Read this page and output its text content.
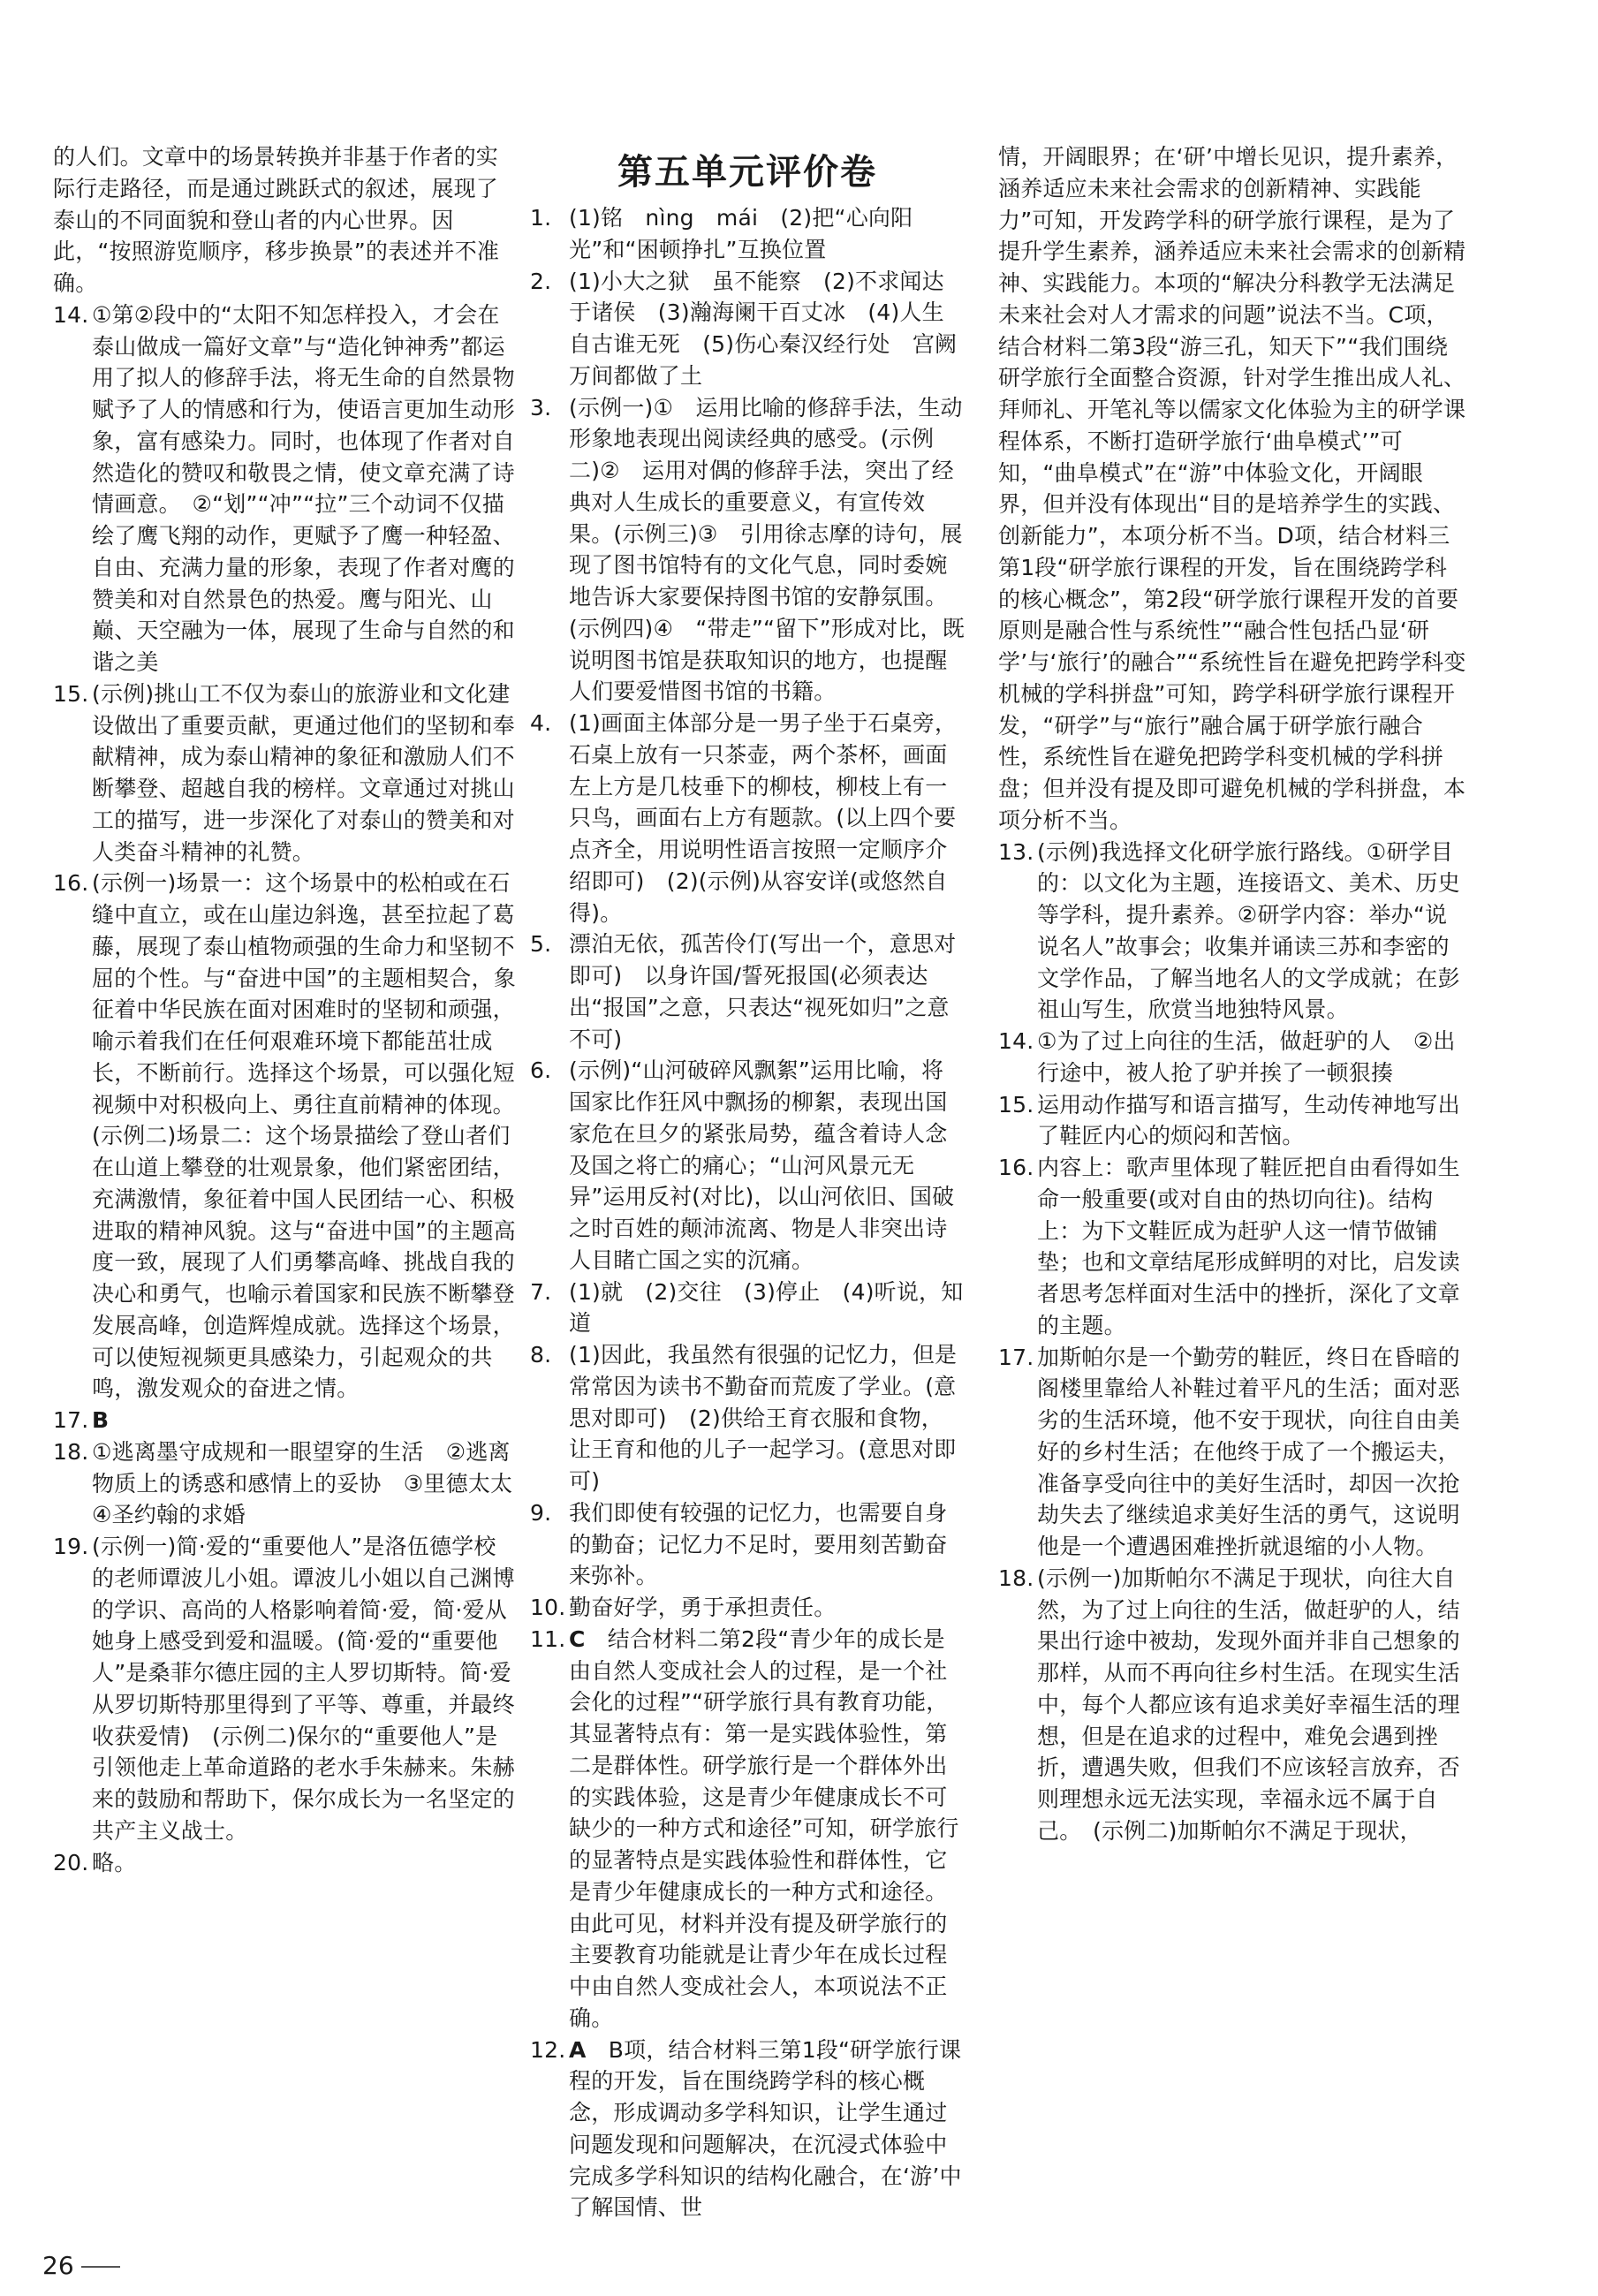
的人们。文章中的场景转换并非基于作者的实际行走路径，而是通过跳跃式的叙述，展现了泰山的不同面貌和登山者的内心世界。因此，“按照游览顺序，移步换景”的表述并不准确。
14. ①第②段中的“太阳不知怎样投入，才会在泰山做成一篇好文章”与“造化钟神秀”都运用了拟人的修辞手法，将无生命的自然景物赋予了人的情感和行为，使语言更加生动形象，富有感染力。同时，也体现了作者对自然造化的赞叹和敬畏之情，使文章充满了诗情画意。　②“划”“冲”“拉”三个动词不仅描绘了鹰飞翔的动作，更赋予了鹰一种轻盈、自由、充满力量的形象，表现了作者对鹰的赞美和对自然景色的热爱。鹰与阳光、山巅、天空融为一体，展现了生命与自然的和谐之美
15. (示例)挑山工不仅为泰山的旅游业和文化建设做出了重要贡献，更通过他们的坚韧和奉献精神，成为泰山精神的象征和激励人们不断攀登、超越自我的榜样。文章通过对挑山工的描写，进一步深化了对泰山的赞美和对人类奋斗精神的礼赞。
16. (示例一)场景一：这个场景中的松柏或在石缝中直立，或在山崖边斜逸，甚至拉起了葛藤，展现了泰山植物顽强的生命力和坚韧不屈的个性。与“奋进中国”的主题相契合，象征着中华民族在面对困难时的坚韧和顽强，喻示着我们在任何艰难环境下都能茁壮成长，不断前行。选择这个场景，可以强化短视频中对积极向上、勇往直前精神的体现。　(示例二)场景二：这个场景描绘了登山者们在山道上攀登的壮观景象，他们紧密团结，充满激情，象征着中国人民团结一心、积极进取的精神风貌。这与“奋进中国”的主题高度一致，展现了人们勇攀高峰、挑战自我的决心和勇气，也喻示着国家和民族不断攀登发展高峰，创造辉煌成就。选择这个场景，可以使短视频更具感染力，引起观众的共鸣，激发观众的奋进之情。
17. B
18. ①逃离墨守成规和一眼望穿的生活　②逃离物质上的诱惑和感情上的妥协　③里德太太　④圣约翰的求婚
19. (示例一)简·爱的“重要他人”是洛伍德学校的老师谭波儿小姐。谭波儿小姐以自己渊博的学识、高尚的人格影响着简·爱，简·爱从她身上感受到爱和温暖。(简·爱的“重要他人”是桑菲尔德庄园的主人罗切斯特。简·爱从罗切斯特那里得到了平等、尊重，并最终收获爱情)　(示例二)保尔的“重要他人”是引领他走上革命道路的老水手朱赫来。朱赫来的鼓励和帮助下，保尔成长为一名坚定的共产主义战士。
20. 略。
第五单元评价卷
1. (1)铭　nìng　mái　(2)把“心向阳光”和“困顿挣扎”互换位置
2. (1)小大之狱　虽不能察　(2)不求闻达于诸侯　(3)瀚海阑干百丈冰　(4)人生自古谁无死　(5)伤心秦汉经行处　宫阙万间都做了土
3. (示例一)①　运用比喻的修辞手法，生动形象地表现出阅读经典的感受。(示例二)②　运用对偶的修辞手法，突出了经典对人生成长的重要意义，有宣传效果。(示例三)③　引用徐志摩的诗句，展现了图书馆特有的文化气息，同时委婉地告诉大家要保持图书馆的安静氛围。(示例四)④　“带走”“留下”形成对比，既说明图书馆是获取知识的地方，也提醒人们要爱惜图书馆的书籍。
4. (1)画面主体部分是一男子坐于石桌旁，石桌上放有一只茶壶，两个茶杯，画面左上方是几枝垂下的柳枝，柳枝上有一只鸟，画面右上方有题款。(以上四个要点齐全，用说明性语言按照一定顺序介绍即可)　(2)(示例)从容安详(或悠然自得)。
5. 漂泊无依，孤苦伶仃(写出一个，意思对即可)　以身许国/誓死报国(必须表达出“报国”之意，只表达“视死如归”之意不可)
6. (示例)“山河破碎风飘絮”运用比喻，将国家比作狂风中飘扬的柳絮，表现出国家危在旦夕的紧张局势，蕴含着诗人念及国之将亡的痛心；“山河风景元无异”运用反衬(对比)，以山河依旧、国破之时百姓的颠沛流离、物是人非突出诗人目睹亡国之实的沉痛。
7. (1)就　(2)交往　(3)停止　(4)听说，知道
8. (1)因此，我虽然有很强的记忆力，但是常常因为读书不勤奋而荒废了学业。(意思对即可)　(2)供给王育衣服和食物，让王育和他的儿子一起学习。(意思对即可)
9. 我们即使有较强的记忆力，也需要自身的勤奋；记忆力不足时，要用刻苦勤奋来弥补。
10. 勤奋好学，勇于承担责任。
11. C　结合材料二第2段“青少年的成长是由自然人变成社会人的过程，是一个社会化的过程”“研学旅行具有教育功能，其显著特点有：第一是实践体验性，第二是群体性。研学旅行是一个群体外出的实践体验，这是青少年健康成长不可缺少的一种方式和途径”可知，研学旅行的显著特点是实践体验性和群体性，它是青少年健康成长的一种方式和途径。由此可见，材料并没有提及研学旅行的主要教育功能就是让青少年在成长过程中由自然人变成社会人，本项说法不正确。
12. A　B项，结合材料三第1段“研学旅行课程的开发，旨在围绕跨学科的核心概念，形成调动多学科知识，让学生通过问题发现和问题解决，在沉浸式体验中完成多学科知识的结构化融合，在‘游’中了解国情、世
情，开阔眼界；在‘研’中增长见识，提升素养，涵养适应未来社会需求的创新精神、实践能力”可知，开发跨学科的研学旅行课程，是为了提升学生素养，涵养适应未来社会需求的创新精神、实践能力。本项的“解决分科教学无法满足未来社会对人才需求的问题”说法不当。C项，结合材料二第3段“游三孔，知天下”“我们围绕研学旅行全面整合资源，针对学生推出成人礼、拜师礼、开笔礼等以儒家文化体验为主的研学课程体系，不断打造研学旅行‘曲阜模式’”可知，“曲阜模式”在“游”中体验文化，开阔眼界，但并没有体现出“目的是培养学生的实践、创新能力”，本项分析不当。D项，结合材料三第1段“研学旅行课程的开发，旨在围绕跨学科的核心概念”，第2段“研学旅行课程开发的首要原则是融合性与系统性”“融合性包括凸显‘研学’与‘旅行’的融合”“系统性旨在避免把跨学科变机械的学科拼盘”可知，跨学科研学旅行课程开发，“研学”与“旅行”融合属于研学旅行融合性，系统性旨在避免把跨学科变机械的学科拼盘；但并没有提及即可避免机械的学科拼盘，本项分析不当。
13. (示例)我选择文化研学旅行路线。①研学目的：以文化为主题，连接语文、美术、历史等学科，提升素养。②研学内容：举办“说说名人”故事会；收集并诵读三苏和李密的文学作品，了解当地名人的文学成就；在彭祖山写生，欣赏当地独特风景。
14. ①为了过上向往的生活，做赶驴的人　②出行途中，被人抢了驴并挨了一顿狠揍
15. 运用动作描写和语言描写，生动传神地写出了鞋匠内心的烦闷和苦恼。
16. 内容上：歌声里体现了鞋匠把自由看得如生命一般重要(或对自由的热切向往)。结构上：为下文鞋匠成为赶驴人这一情节做铺垫；也和文章结尾形成鲜明的对比，启发读者思考怎样面对生活中的挫折，深化了文章的主题。
17. 加斯帕尔是一个勤劳的鞋匠，终日在昏暗的阁楼里靠给人补鞋过着平凡的生活；面对恶劣的生活环境，他不安于现状，向往自由美好的乡村生活；在他终于成了一个搬运夫，准备享受向往中的美好生活时，却因一次抢劫失去了继续追求美好生活的勇气，这说明他是一个遭遇困难挫折就退缩的小人物。
18. (示例一)加斯帕尔不满足于现状，向往大自然，为了过上向往的生活，做赶驴的人，结果出行途中被劫，发现外面并非自己想象的那样，从而不再向往乡村生活。在现实生活中，每个人都应该有追求美好幸福生活的理想，但是在追求的过程中，难免会遇到挫折，遭遇失败，但我们不应该轻言放弃，否则理想永远无法实现，幸福永远不属于自己。　(示例二)加斯帕尔不满足于现状，
26
